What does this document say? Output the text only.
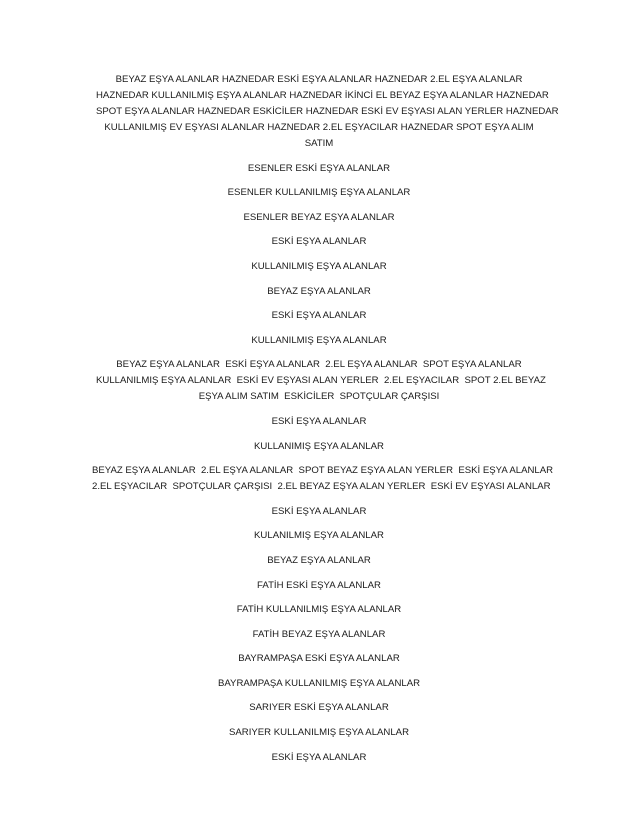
BEYAZ EŞYA ALANLAR HAZNEDAR ESKİ EŞYA ALANLAR HAZNEDAR 2.EL EŞYA ALANLAR
HAZNEDAR KULLANILMIŞ EŞYA ALANLAR HAZNEDAR İKİNCİ EL BEYAZ EŞYA ALANLAR HAZNEDAR
SPOT EŞYA ALANLAR HAZNEDAR ESKİCİLER HAZNEDAR ESKİ EV EŞYASI ALAN YERLER HAZNEDAR
KULLANILMIŞ EV EŞYASI ALANLAR HAZNEDAR 2.EL EŞYACILAR HAZNEDAR SPOT EŞYA ALIM
SATIM

ESENLER ESKİ EŞYA ALANLAR

ESENLER KULLANILMIŞ EŞYA ALANLAR

ESENLER BEYAZ EŞYA ALANLAR

ESKİ EŞYA ALANLAR

KULLANILMIŞ EŞYA ALANLAR

BEYAZ EŞYA ALANLAR

ESKİ EŞYA ALANLAR

KULLANILMIŞ EŞYA ALANLAR

BEYAZ EŞYA ALANLAR  ESKİ EŞYA ALANLAR  2.EL EŞYA ALANLAR  SPOT EŞYA ALANLAR
KULLANILMIŞ EŞYA ALANLAR  ESKİ EV EŞYASI ALAN YERLER  2.EL EŞYACILAR  SPOT 2.EL BEYAZ
EŞYA ALIM SATIM  ESKİCİLER  SPOTÇULAR ÇARŞISI

ESKİ EŞYA ALANLAR

KULLANIMIŞ EŞYA ALANLAR

BEYAZ EŞYA ALANLAR  2.EL EŞYA ALANLAR  SPOT BEYAZ EŞYA ALAN YERLER  ESKİ EŞYA ALANLAR
2.EL EŞYACILAR  SPOTÇULAR ÇARŞISI  2.EL BEYAZ EŞYA ALAN YERLER  ESKİ EV EŞYASI ALANLAR

ESKİ EŞYA ALANLAR

KULANILMIŞ EŞYA ALANLAR

BEYAZ EŞYA ALANLAR

FATİH ESKİ EŞYA ALANLAR

FATİH KULLANILMIŞ EŞYA ALANLAR

FATİH BEYAZ EŞYA ALANLAR

BAYRAMPAŞA ESKİ EŞYA ALANLAR

BAYRAMPAŞA KULLANILMIŞ EŞYA ALANLAR

SARIYER ESKİ EŞYA ALANLAR

SARIYER KULLANILMIŞ EŞYA ALANLAR

ESKİ EŞYA ALANLAR
